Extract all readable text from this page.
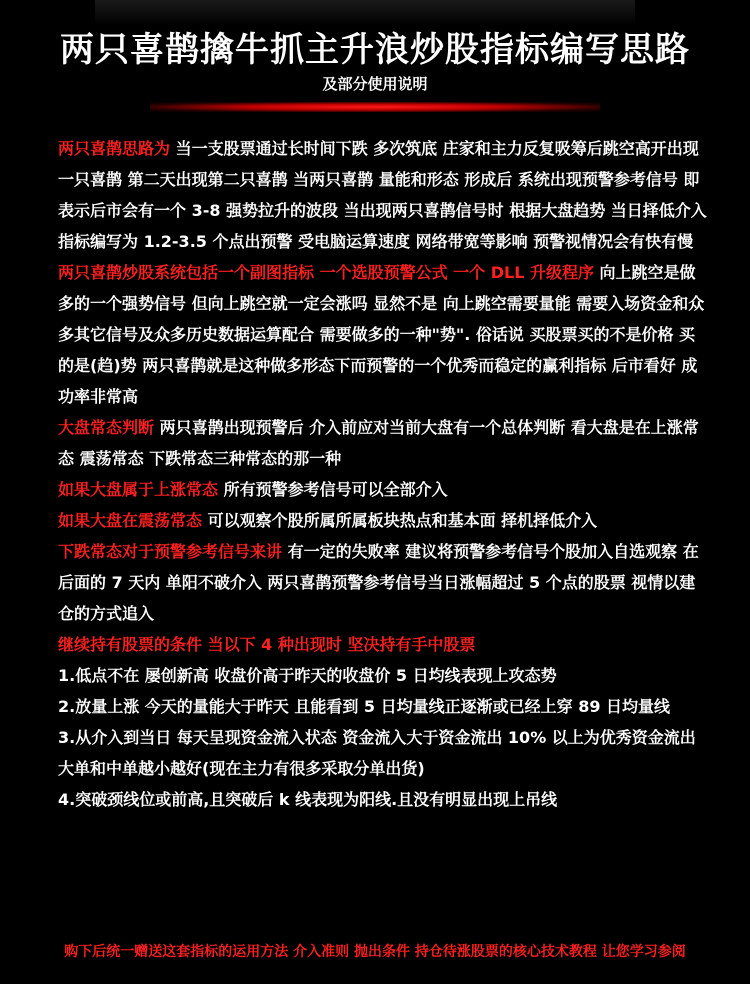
两只喜鹊擒牛抓主升浪炒股指标编写思路
及部分使用说明

两只喜鹊思路为 当一支股票通过长时间下跌 多次筑底 庄家和主力反复吸筹后跳空高开出现一只喜鹊 第二天出现第二只喜鹊 当两只喜鹊 量能和形态 形成后 系统出现预警参考信号 即表示后市会有一个 3-8 强势拉升的波段 当出现两只喜鹊信号时 根据大盘趋势 当日择低介入

指标编写为 1.2-3.5 个点出预警 受电脑运算速度 网络带宽等影响 预警视情况会有快有慢

两只喜鹊炒股系统包括一个副图指标 一个选股预警公式 一个 DLL 升级程序 向上跳空是做多的一个强势信号 但向上跳空就一定会涨吗 显然不是 向上跳空需要量能 需要入场资金和众多其它信号及众多历史数据运算配合 需要做多的一种"势". 俗话说 买股票买的不是价格 买的是(趋)势 两只喜鹊就是这种做多形态下而预警的一个优秀而稳定的赢利指标 后市看好 成功率非常高

大盘常态判断 两只喜鹊出现预警后 介入前应对当前大盘有一个总体判断 看大盘是在上涨常态 震荡常态 下跌常态三种常态的那一种

如果大盘属于上涨常态 所有预警参考信号可以全部介入

如果大盘在震荡常态 可以观察个股所属所属板块热点和基本面 择机择低介入

下跌常态对于预警参考信号来讲 有一定的失败率 建议将预警参考信号个股加入自选观察 在后面的 7 天内 单阳不破介入 两只喜鹊预警参考信号当日涨幅超过 5 个点的股票 视情以建仓的方式追入

继续持有股票的条件 当以下 4 种出现时 坚决持有手中股票

1.低点不在 屡创新高 收盘价高于昨天的收盘价 5 日均线表现上攻态势

2.放量上涨 今天的量能大于昨天 且能看到 5 日均量线正逐渐或已经上穿 89 日均量线

3.从介入到当日 每天呈现资金流入状态 资金流入大于资金流出 10% 以上为优秀资金流出大单和中单越小越好(现在主力有很多采取分单出货)

4.突破颈线位或前高,且突破后 k 线表现为阳线.且没有明显出现上吊线

购下后统一赠送这套指标的运用方法 介入准则 抛出条件 持仓待涨股票的核心技术教程 让您学习参阅
